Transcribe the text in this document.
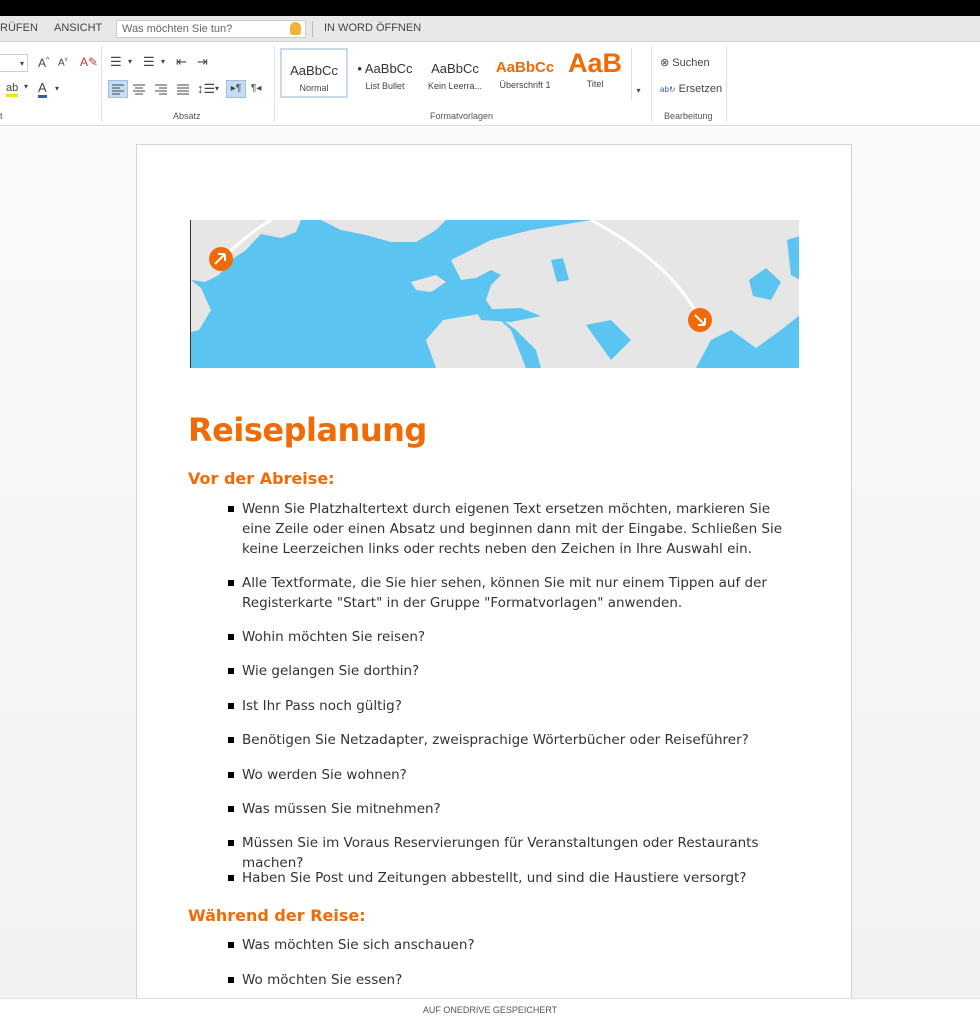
RÜFEN ANSICHT	Was möchten Sie tun?	IN WORD ÖFFNEN
▾ A^ $A^v$ A✎
ab ▾ A ▾
t
☰ ▾ ☰ ▾ ⇤ ⇥
↕☰ ▾	▸¶ ¶◂
Absatz
AaBbCc
Normal
• AaBbCc
List Bullet
AaBbCc
Kein Leerra...
AaBbCc
Überschrift 1
AaB
Titel
▾
Formatvorlagen
⊗ Suchen
ab↻ Ersetzen
Bearbeitung
Reiseplanung
Vor der Abreise:
Wenn Sie Platzhaltertext durch eigenen Text ersetzen möchten, markieren Sie eine Zeile oder einen Absatz und beginnen dann mit der Eingabe. Schließen Sie keine Leerzeichen links oder rechts neben den Zeichen in Ihre Auswahl ein.
Alle Textformate, die Sie hier sehen, können Sie mit nur einem Tippen auf der Registerkarte "Start" in der Gruppe "Formatvorlagen" anwenden.
Wohin möchten Sie reisen?
Wie gelangen Sie dorthin?
Ist Ihr Pass noch gültig?
Benötigen Sie Netzadapter, zweisprachige Wörterbücher oder Reiseführer?
Wo werden Sie wohnen?
Was müssen Sie mitnehmen?
Müssen Sie im Voraus Reservierungen für Veranstaltungen oder Restaurants machen?
Haben Sie Post und Zeitungen abbestellt, und sind die Haustiere versorgt?
Während der Reise:
Was möchten Sie sich anschauen?
Wo möchten Sie essen?
AUF ONEDRIVE GESPEICHERT
